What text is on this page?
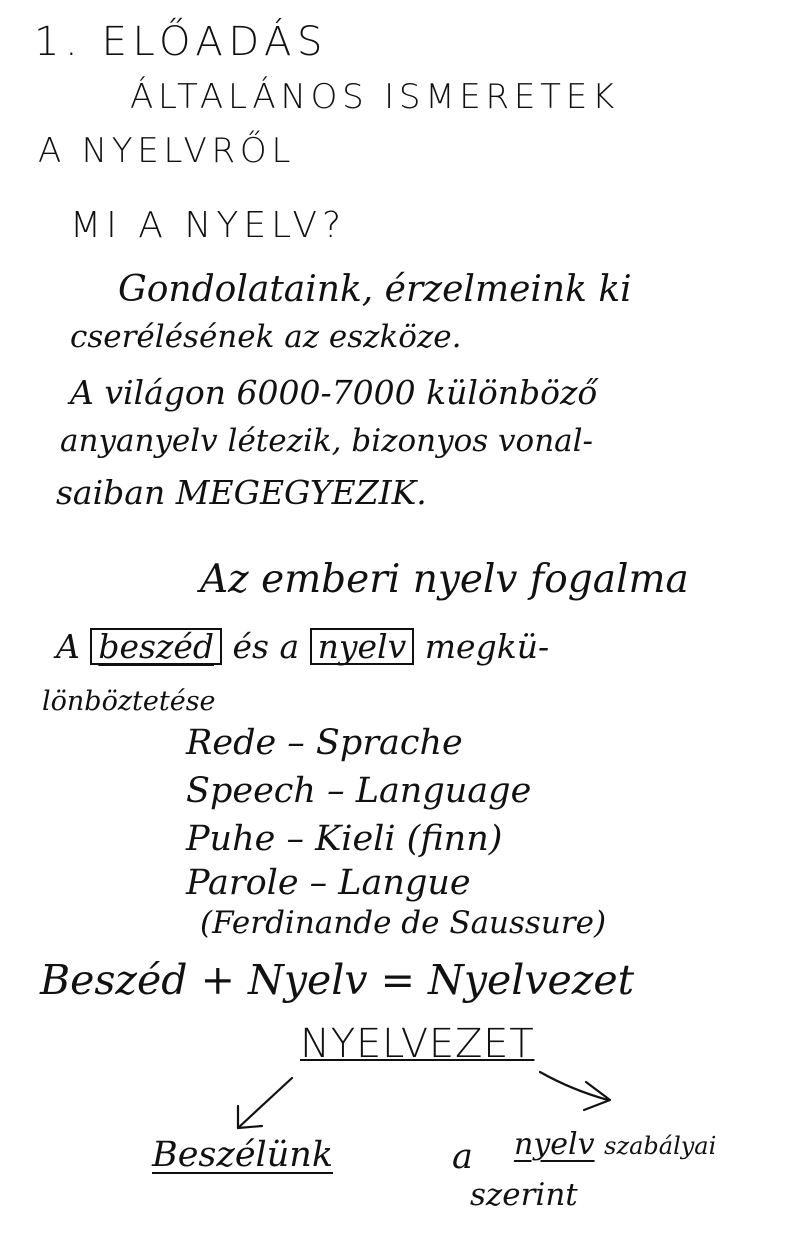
1. ELŐADÁS
ÁLTALÁNOS ISMERETEK
A NYELVRŐL
MI A NYELV?
Gondolataink, érzelmeink ki
cserélésének az eszköze.
A világon 6000-7000 különböző
anyanyelv létezik, bizonyos vonal-
saiban MEGEGYEZIK.
Az emberi nyelv fogalma
A beszéd és a nyelv megkü-
lönböztetése
Rede – Sprache
Speech – Language
Puhe – Kieli (finn)
Parole – Langue
(Ferdinande de Saussure)
Beszéd + Nyelv = Nyelvezet
NYELVEZET
Beszélünk	a nyelv szabályai
szerint
